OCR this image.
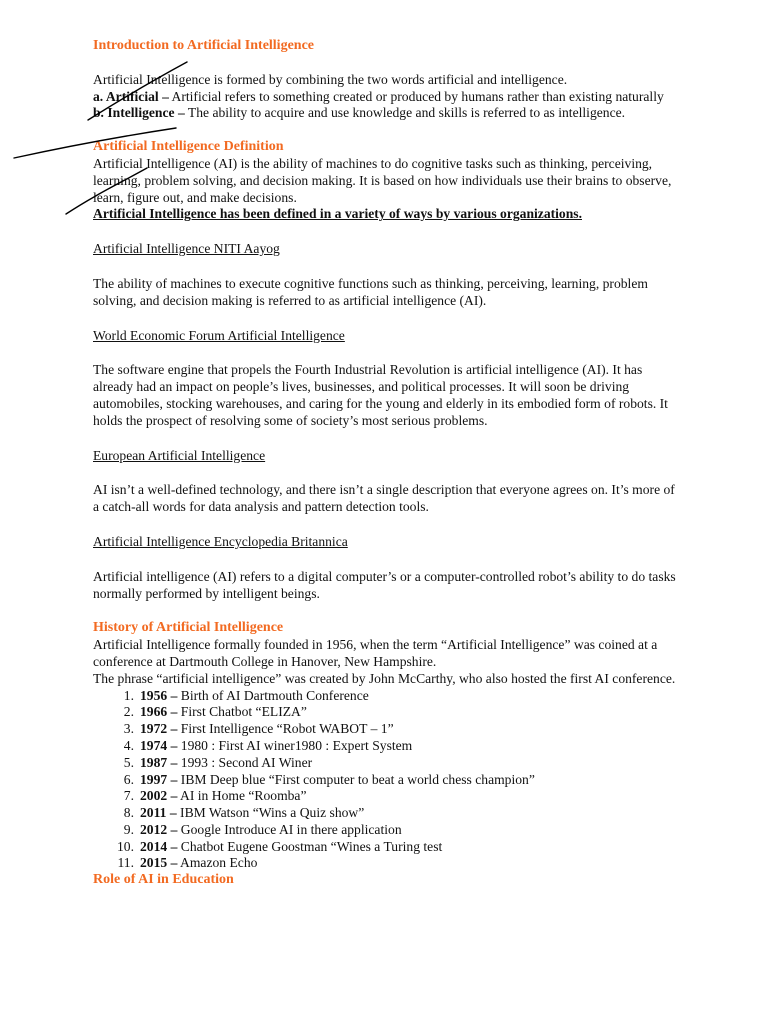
Introduction to Artificial Intelligence

Artificial Intelligence is formed by combining the two words artificial and intelligence.

a. Artificial – Artificial refers to something created or produced by humans rather than existing naturally

b. Intelligence – The ability to acquire and use knowledge and skills is referred to as intelligence.

Artificial Intelligence Definition

Artificial Intelligence (AI) is the ability of machines to do cognitive tasks such as thinking, perceiving, learning, problem solving, and decision making. It is based on how individuals use their brains to observe, learn, figure out, and make decisions.

Artificial Intelligence has been defined in a variety of ways by various organizations.

Artificial Intelligence NITI Aayog

The ability of machines to execute cognitive functions such as thinking, perceiving, learning, problem solving, and decision making is referred to as artificial intelligence (AI).

World Economic Forum Artificial Intelligence

The software engine that propels the Fourth Industrial Revolution is artificial intelligence (AI). It has already had an impact on people’s lives, businesses, and political processes. It will soon be driving automobiles, stocking warehouses, and caring for the young and elderly in its embodied form of robots. It holds the prospect of resolving some of society’s most serious problems.

European Artificial Intelligence

AI isn’t a well-defined technology, and there isn’t a single description that everyone agrees on. It’s more of a catch-all words for data analysis and pattern detection tools.

Artificial Intelligence Encyclopedia Britannica

Artificial intelligence (AI) refers to a digital computer’s or a computer-controlled robot’s ability to do tasks normally performed by intelligent beings.

History of Artificial Intelligence

Artificial Intelligence formally founded in 1956, when the term “Artificial Intelligence” was coined at a conference at Dartmouth College in Hanover, New Hampshire.

The phrase “artificial intelligence” was created by John McCarthy, who also hosted the first AI conference.

1. 1956 – Birth of AI Dartmouth Conference
2. 1966 – First Chatbot “ELIZA”
3. 1972 – First Intelligence “Robot WABOT – 1”
4. 1974 – 1980 : First AI winer1980 : Expert System
5. 1987 – 1993 : Second AI Winer
6. 1997 – IBM Deep blue “First computer to beat a world chess champion”
7. 2002 – AI in Home “Roomba”
8. 2011 – IBM Watson “Wins a Quiz show”
9. 2012 – Google Introduce AI in there application
10. 2014 – Chatbot Eugene Goostman “Wines a Turing test
11. 2015 – Amazon Echo
Role of AI in Education
